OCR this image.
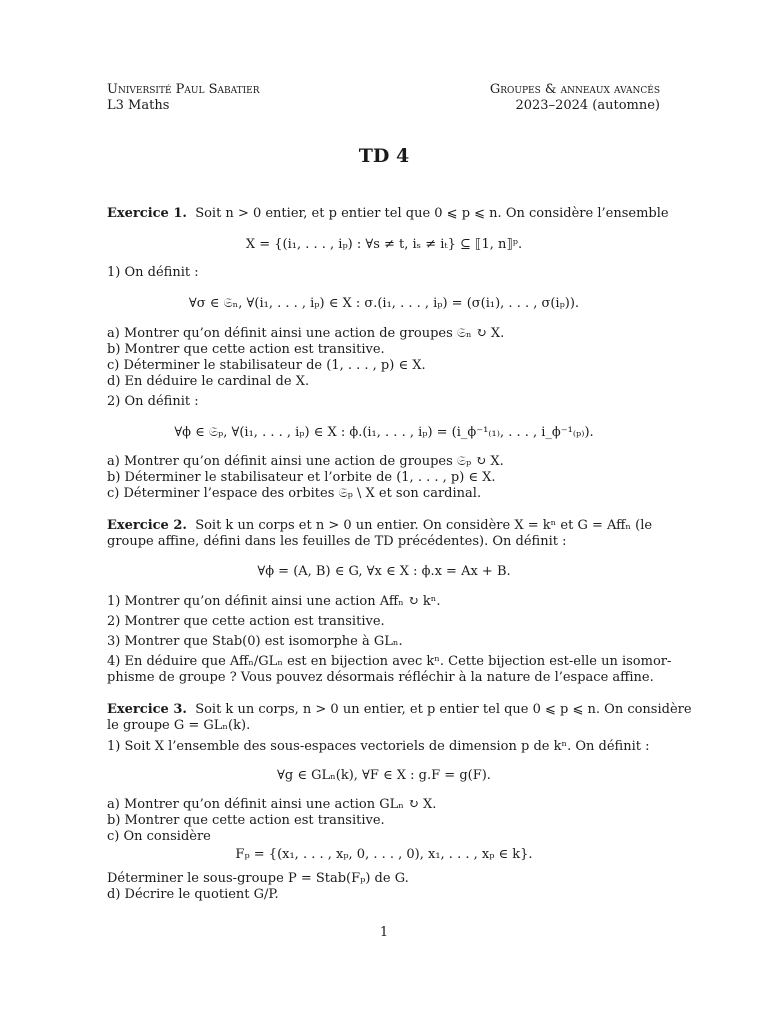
Université Paul Sabatier	Groupes & anneaux avancés
L3 Maths	2023–2024 (automne)
TD 4
Exercice 1. Soit n > 0 entier, et p entier tel que 0 ⩽ p ⩽ n. On considère l’ensemble
X = {(i₁, . . . , iₚ) : ∀s ≠ t, iₛ ≠ iₜ} ⊆ ⟦1, n⟧ᵖ.
1) On définit :
∀σ ∈ 𝔖ₙ, ∀(i₁, . . . , iₚ) ∈ X : σ.(i₁, . . . , iₚ) = (σ(i₁), . . . , σ(iₚ)).
a) Montrer qu’on définit ainsi une action de groupes 𝔖ₙ ↻ X.
b) Montrer que cette action est transitive.
c) Déterminer le stabilisateur de (1, . . . , p) ∈ X.
d) En déduire le cardinal de X.
2) On définit :
∀ϕ ∈ 𝔖ₚ, ∀(i₁, . . . , iₚ) ∈ X : ϕ.(i₁, . . . , iₚ) = (i_ϕ⁻¹₍₁₎, . . . , i_ϕ⁻¹₍ₚ₎).
a) Montrer qu’on définit ainsi une action de groupes 𝔖ₚ ↻ X.
b) Déterminer le stabilisateur et l’orbite de (1, . . . , p) ∈ X.
c) Déterminer l’espace des orbites 𝔖ₚ \ X et son cardinal.
Exercice 2. Soit k un corps et n > 0 un entier. On considère X = kⁿ et G = Affₙ (le
groupe affine, défini dans les feuilles de TD précédentes). On définit :
∀ϕ = (A, B) ∈ G, ∀x ∈ X : ϕ.x = Ax + B.
1) Montrer qu’on définit ainsi une action Affₙ ↻ kⁿ.
2) Montrer que cette action est transitive.
3) Montrer que Stab(0) est isomorphe à GLₙ.
4) En déduire que Affₙ/GLₙ est en bijection avec kⁿ. Cette bijection est-elle un isomor-
phisme de groupe ? Vous pouvez désormais réfléchir à la nature de l’espace affine.
Exercice 3. Soit k un corps, n > 0 un entier, et p entier tel que 0 ⩽ p ⩽ n. On considère
le groupe G = GLₙ(k).
1) Soit X l’ensemble des sous-espaces vectoriels de dimension p de kⁿ. On définit :
∀g ∈ GLₙ(k), ∀F ∈ X : g.F = g(F).
a) Montrer qu’on définit ainsi une action GLₙ ↻ X.
b) Montrer que cette action est transitive.
c) On considère
Fₚ = {(x₁, . . . , xₚ, 0, . . . , 0), x₁, . . . , xₚ ∈ k}.
Déterminer le sous-groupe P = Stab(Fₚ) de G.
d) Décrire le quotient G/P.
1
